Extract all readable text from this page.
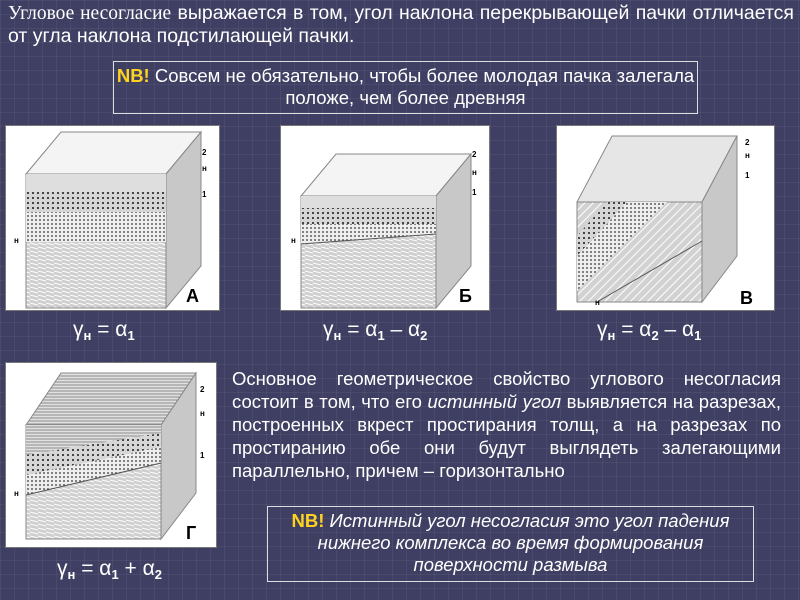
Угловое несогласие выражается в том, угол наклона перекрывающей пачки отличается от угла наклона подстилающей пачки.
NB! Совсем не обязательно, чтобы более молодая пачка залегала положе, чем более древняя
2
н
1
н
А
2
н
1
н
Б
2
н
1
н	В
2
н
1
н
Г
$\gamma_н = \alpha_1$	$\gamma_н = \alpha_1 - \alpha_2$	$\gamma_н = \alpha_2 - \alpha_1$
$\gamma_н = \alpha_1 + \alpha_2$
Основное геометрическое свойство углового несогласия состоит в том, что его истинный угол выявляется на разрезах, построенных вкрест простирания толщ, а на разрезах по простиранию обе они будут выглядеть залегающими параллельно, причем – горизонтально
NB! Истинный угол несогласия это угол падения нижнего комплекса во время формирования поверхности размыва
